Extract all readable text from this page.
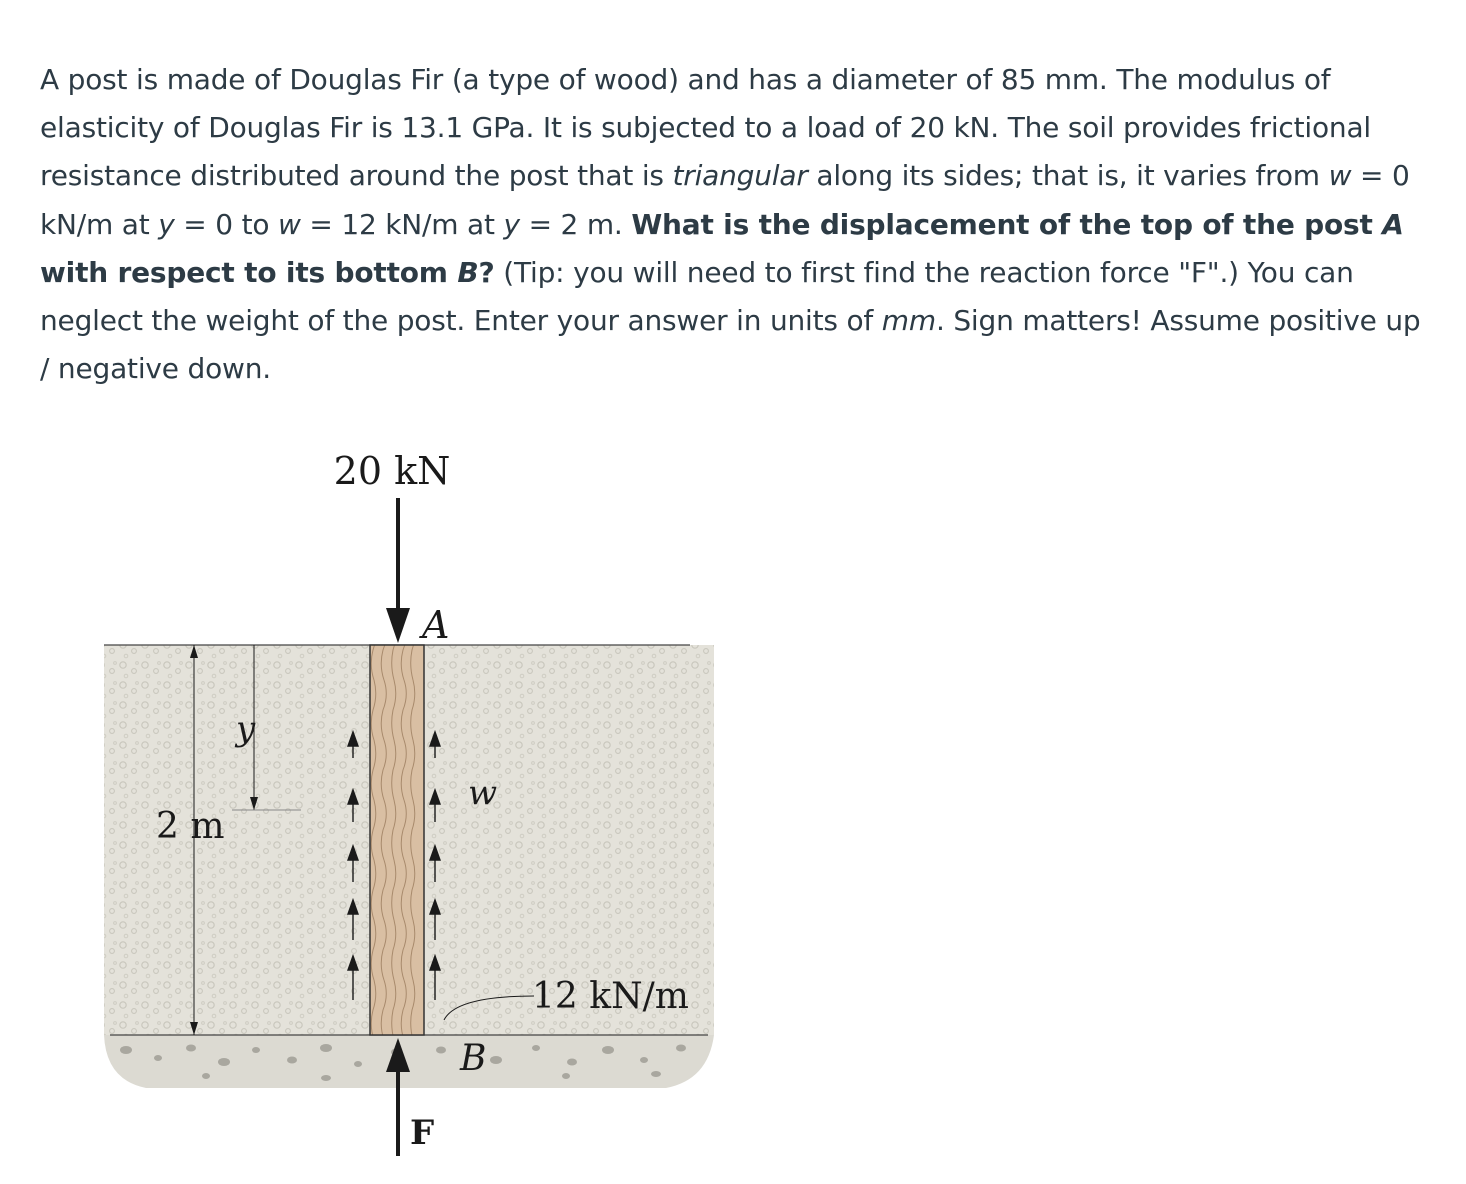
A post is made of Douglas Fir (a type of wood) and has a diameter of 85 mm. The modulus of elasticity of Douglas Fir is 13.1 GPa. It is subjected to a load of 20 kN. The soil provides frictional resistance distributed around the post that is triangular along its sides; that is, it varies from w = 0 kN/m at y = 0 to w = 12 kN/m at y = 2 m. What is the displacement of the top of the post A with respect to its bottom B? (Tip: you will need to first find the reaction force "F".) You can neglect the weight of the post. Enter your answer in units of mm. Sign matters! Assume positive up / negative down.
20 kN
A
B
F
y
w
2 m
12 kN/m
